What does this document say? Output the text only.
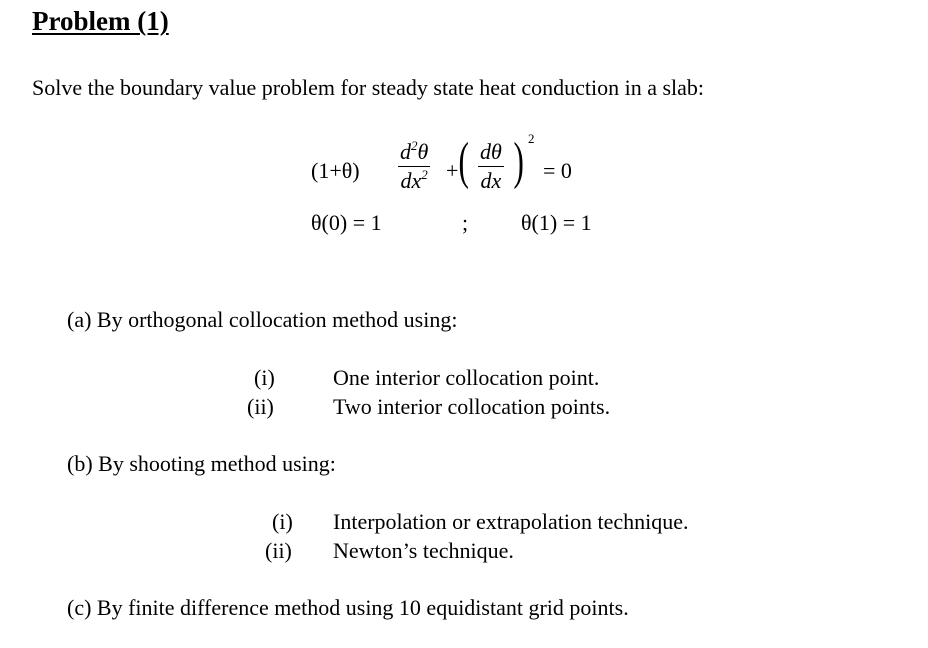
Problem (1)
Solve the boundary value problem for steady state heat conduction in a slab:
$(1+\theta) \frac{d^2\theta}{dx^2}$ + ( $\frac{d\theta}{dx}$ ) 2
= 0
θ(0) = 1	; θ(1) = 1
(a) By orthogonal collocation method using:
(i)	One interior collocation point.
(ii)	Two interior collocation points.
(b) By shooting method using:
(i) Interpolation or extrapolation technique.
(ii) Newton’s technique.
(c) By finite difference method using 10 equidistant grid points.
